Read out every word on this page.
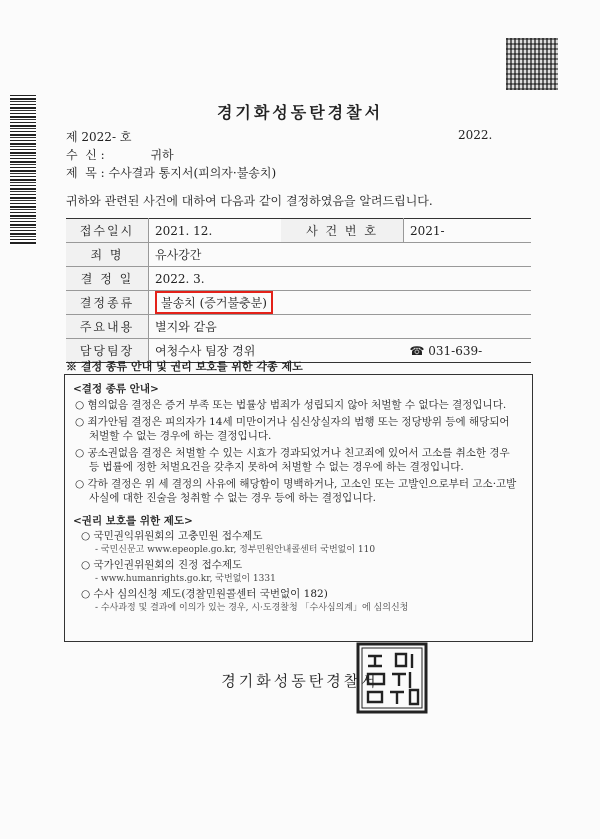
경기화성동탄경찰서
제 2022- 호	2022.
수  신 :            귀하
제  목 : 수사결과 통지서(피의자·불송치)
귀하와 관련된 사건에 대하여 다음과 같이 결정하였음을 알려드립니다.
접수일시	2021. 12.	사 건 번 호	2021-
죄 명	유사강간		
결 정 일	2022. 3.		
결정종류	불송치 (증거불충분)		
주요내용	별지와 같음		
담당팀장	여청수사 팀장 경위		☎ 031-639-
※ 결정 종류 안내 및 권리 보호를 위한 각종 제도
<결정 종류 안내>
○ 혐의없음 결정은 증거 부족 또는 법률상 범죄가 성립되지 않아 처벌할 수 없다는 결정입니다.
○ 죄가안됨 결정은 피의자가 14세 미만이거나 심신상실자의 범행 또는 정당방위 등에 해당되어 처벌할 수 없는 경우에 하는 결정입니다.
○ 공소권없음 결정은 처벌할 수 있는 시효가 경과되었거나 친고죄에 있어서 고소를 취소한 경우 등 법률에 정한 처벌요건을 갖추지 못하여 처벌할 수 없는 경우에 하는 결정입니다.
○ 각하 결정은 위 세 결정의 사유에 해당함이 명백하거나, 고소인 또는 고발인으로부터 고소·고발 사실에 대한 진술을 청취할 수 없는 경우 등에 하는 결정입니다.
<권리 보호를 위한 제도>
○ 국민권익위원회의 고충민원 접수제도
- 국민신문고 www.epeople.go.kr, 정부민원안내콜센터 국번없이 110
○ 국가인권위원회의 진정 접수제도
- www.humanrights.go.kr, 국번없이 1331
○ 수사 심의신청 제도(경찰민원콜센터 국번없이 182)
- 수사과정 및 결과에 이의가 있는 경우, 시·도경찰청 「수사심의계」에 심의신청
경기화성동탄경찰서
